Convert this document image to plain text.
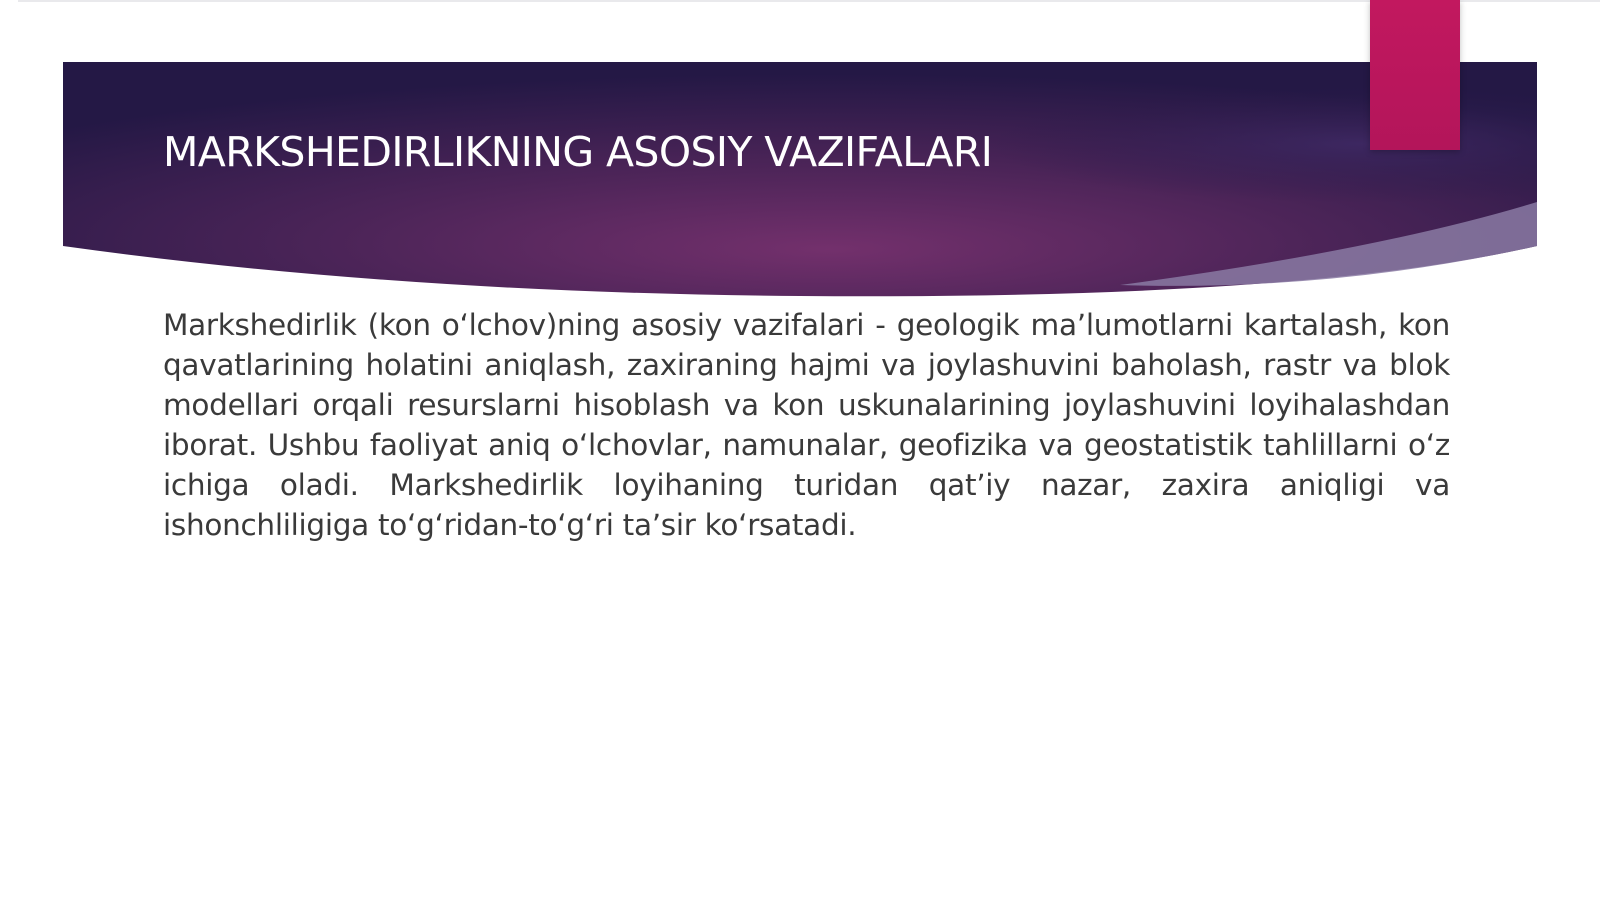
MARKSHEDIRLIKNING ASOSIY VAZIFALARI

Markshedirlik (kon o‘lchov)ning asosiy vazifalari - geologik ma’lumotlarni kartalash, kon qavatlarining holatini aniqlash, zaxiraning hajmi va joylashuvini baholash, rastr va blok modellari orqali resurslarni hisoblash va kon uskunalarining joylashuvini loyihalashdan iborat. Ushbu faoliyat aniq o‘lchovlar, namunalar, geofizika va geostatistik tahlillarni o‘z ichiga oladi. Markshedirlik loyihaning turidan qat’iy nazar, zaxira aniqligi va ishonchliligiga to‘g‘ridan-to‘g‘ri ta’sir ko‘rsatadi.
